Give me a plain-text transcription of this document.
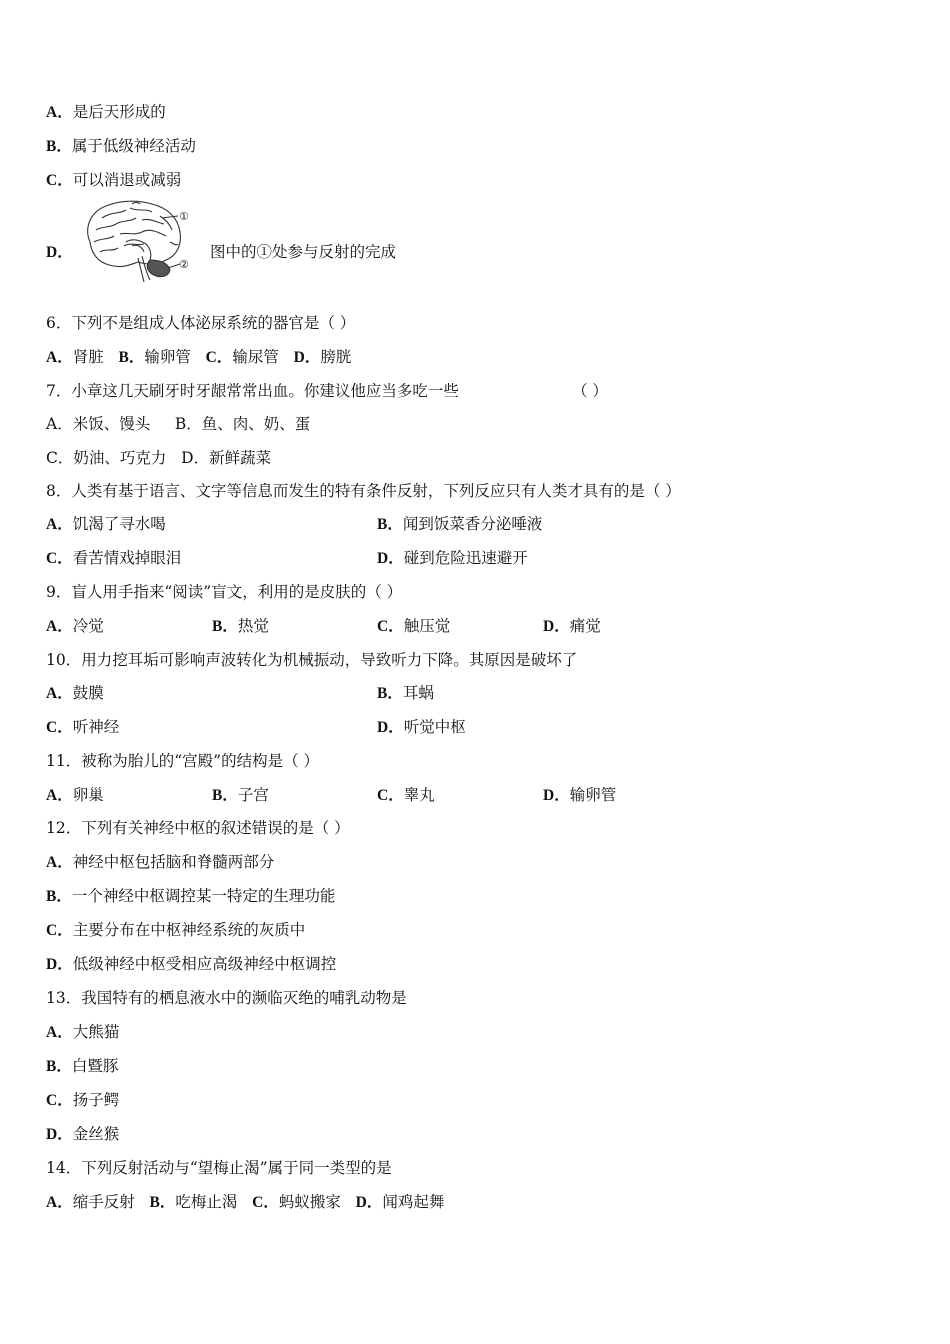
A．是后天形成的
B．属于低级神经活动
C．可以消退或减弱
D．
①
②
图中的①处参与反射的完成
6．下列不是组成人体泌尿系统的器官是（ ）
A．肾脏 B．输卵管 C．输尿管 D．膀胱
7．小章这几天刷牙时牙龈常常出血。你建议他应当多吃一些	（ ）
A．米饭、馒头 B．鱼、肉、奶、蛋
C．奶油、巧克力 D．新鲜蔬菜
8．人类有基于语言、文字等信息而发生的特有条件反射，下列反应只有人类才具有的是（ ）
A．饥渴了寻水喝	B．闻到饭菜香分泌唾液
C．看苦情戏掉眼泪	D．碰到危险迅速避开
9．盲人用手指来“阅读”盲文，利用的是皮肤的（ ）
A．冷觉	B．热觉	C．触压觉	D．痛觉
10．用力挖耳垢可影响声波转化为机械振动，导致听力下降。其原因是破坏了
A．鼓膜	B．耳蜗
C．听神经	D．听觉中枢
11．被称为胎儿的“宫殿”的结构是（ ）
A．卵巢	B．子宫	C．睾丸	D．输卵管
12．下列有关神经中枢的叙述错误的是（ ）
A．神经中枢包括脑和脊髓两部分
B．一个神经中枢调控某一特定的生理功能
C．主要分布在中枢神经系统的灰质中
D．低级神经中枢受相应高级神经中枢调控
13．我国特有的栖息液水中的濒临灭绝的哺乳动物是
A．大熊猫
B．白暨豚
C．扬子鳄
D．金丝猴
14．下列反射活动与“望梅止渴”属于同一类型的是
A．缩手反射 B．吃梅止渴 C．蚂蚁搬家 D．闻鸡起舞
